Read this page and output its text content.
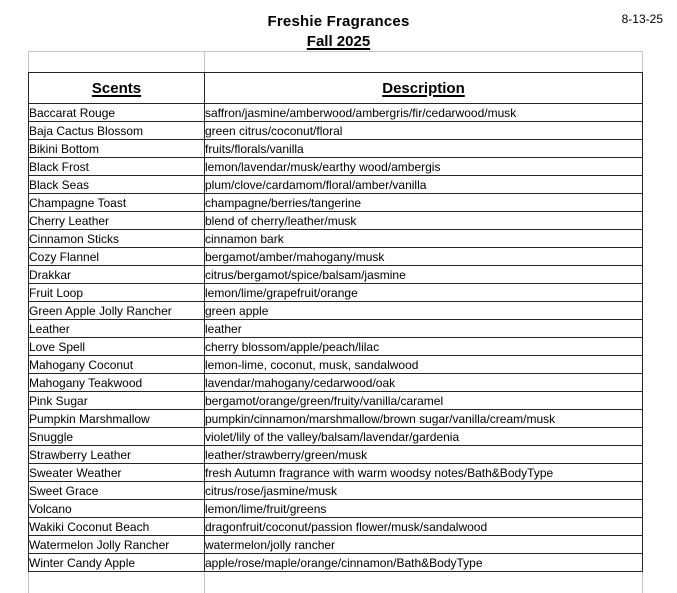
Freshie Fragrances	8-13-25
Fall 2025

Scents	Description
Baccarat Rouge	saffron/jasmine/amberwood/ambergris/fir/cedarwood/musk
Baja Cactus Blossom	green citrus/coconut/floral
Bikini Bottom	fruits/florals/vanilla
Black Frost	lemon/lavendar/musk/earthy wood/ambergis
Black Seas	plum/clove/cardamom/floral/amber/vanilla
Champagne Toast	champagne/berries/tangerine
Cherry Leather	blend of cherry/leather/musk
Cinnamon Sticks	cinnamon bark
Cozy Flannel	bergamot/amber/mahogany/musk
Drakkar	citrus/bergamot/spice/balsam/jasmine
Fruit Loop	lemon/lime/grapefruit/orange
Green Apple Jolly Rancher	green apple
Leather	leather
Love Spell	cherry blossom/apple/peach/lilac
Mahogany Coconut	lemon-lime, coconut, musk, sandalwood
Mahogany Teakwood	lavendar/mahogany/cedarwood/oak
Pink Sugar	bergamot/orange/green/fruity/vanilla/caramel
Pumpkin Marshmallow	pumpkin/cinnamon/marshmallow/brown sugar/vanilla/cream/musk
Snuggle	violet/lily of the valley/balsam/lavendar/gardenia
Strawberry Leather	leather/strawberry/green/musk
Sweater Weather	fresh Autumn fragrance with warm woodsy notes/Bath&BodyType
Sweet Grace	citrus/rose/jasmine/musk
Volcano	lemon/lime/fruit/greens
Wakiki Coconut Beach	dragonfruit/coconut/passion flower/musk/sandalwood
Watermelon Jolly Rancher	watermelon/jolly rancher
Winter Candy Apple	apple/rose/maple/orange/cinnamon/Bath&BodyType
